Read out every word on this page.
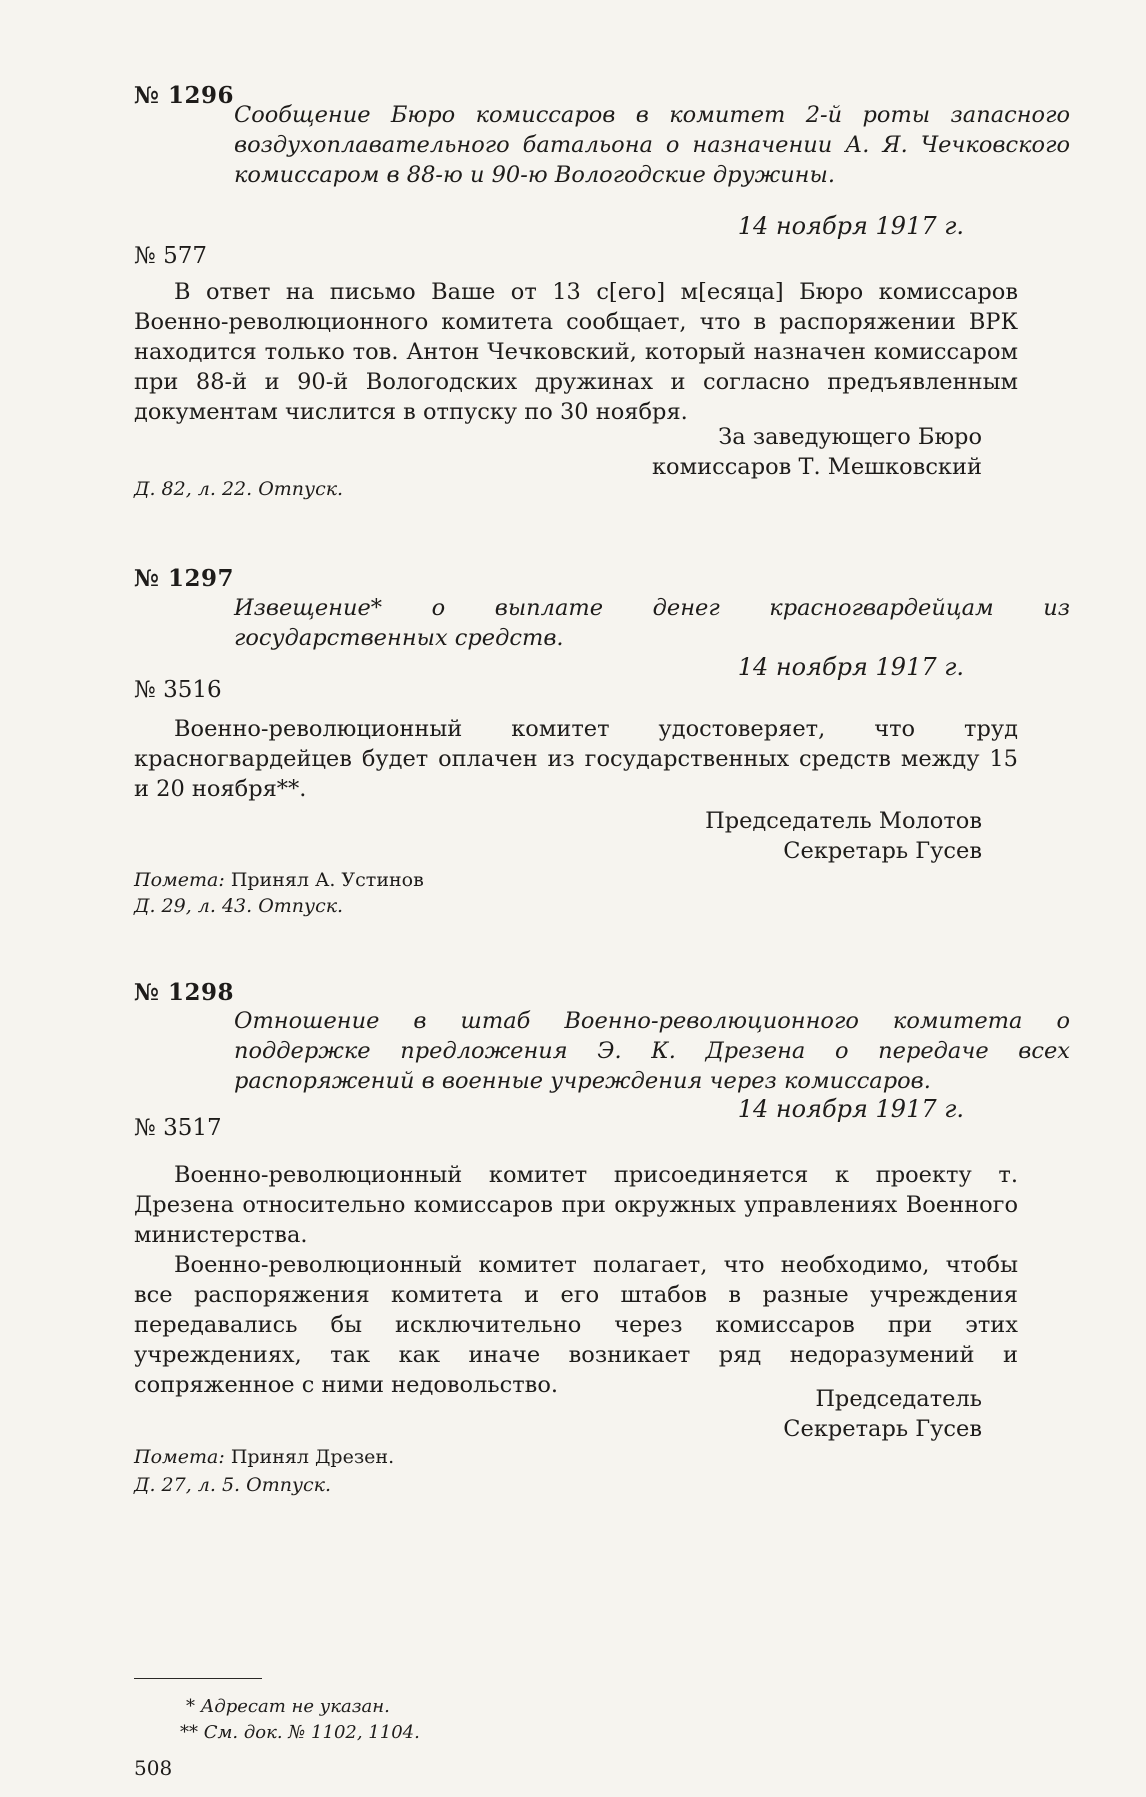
№ 1296
Сообщение Бюро комиссаров в комитет 2-й роты запасного воздухоплавательного батальона о назначении А. Я. Чечковского комиссаром в 88-ю и 90-ю Вологодские дружины.
14 ноября 1917 г.
№ 577

В ответ на письмо Ваше от 13 с[его] м[есяца] Бюро комиссаров Военно-революционного комитета сообщает, что в распоряжении ВРК находится только тов. Антон Чечковский, который назначен комиссаром при 88-й и 90-й Вологодских дружинах и согласно предъявленным документам числится в отпуску по 30 ноября.

За заведующего Бюро
комиссаров Т. Мешковский
Д. 82, л. 22. Отпуск.
№ 1297
Извещение* о выплате денег красногвардейцам из государственных средств.
14 ноября 1917 г.
№ 3516

Военно-революционный комитет удостоверяет, что труд красногвардейцев будет оплачен из государственных средств между 15 и 20 ноября**.

Председатель Молотов
Секретарь Гусев
Помета: Принял А. Устинов
Д. 29, л. 43. Отпуск.
№ 1298
Отношение в штаб Военно-революционного комитета о поддержке предложения Э. К. Дрезена о передаче всех распоряжений в военные учреждения через комиссаров.
14 ноября 1917 г.
№ 3517

Военно-революционный комитет присоединяется к проекту т. Дрезена относительно комиссаров при окружных управлениях Военного министерства.

Военно-революционный комитет полагает, что необходимо, чтобы все распоряжения комитета и его штабов в разные учреждения передавались бы исключительно через комиссаров при этих учреждениях, так как иначе возникает ряд недоразумений и сопряженное с ними недовольство.

Председатель
Секретарь Гусев
Помета: Принял Дрезен.
Д. 27, л. 5. Отпуск.
* Адресат не указан.
** См. док. № 1102, 1104.
508
